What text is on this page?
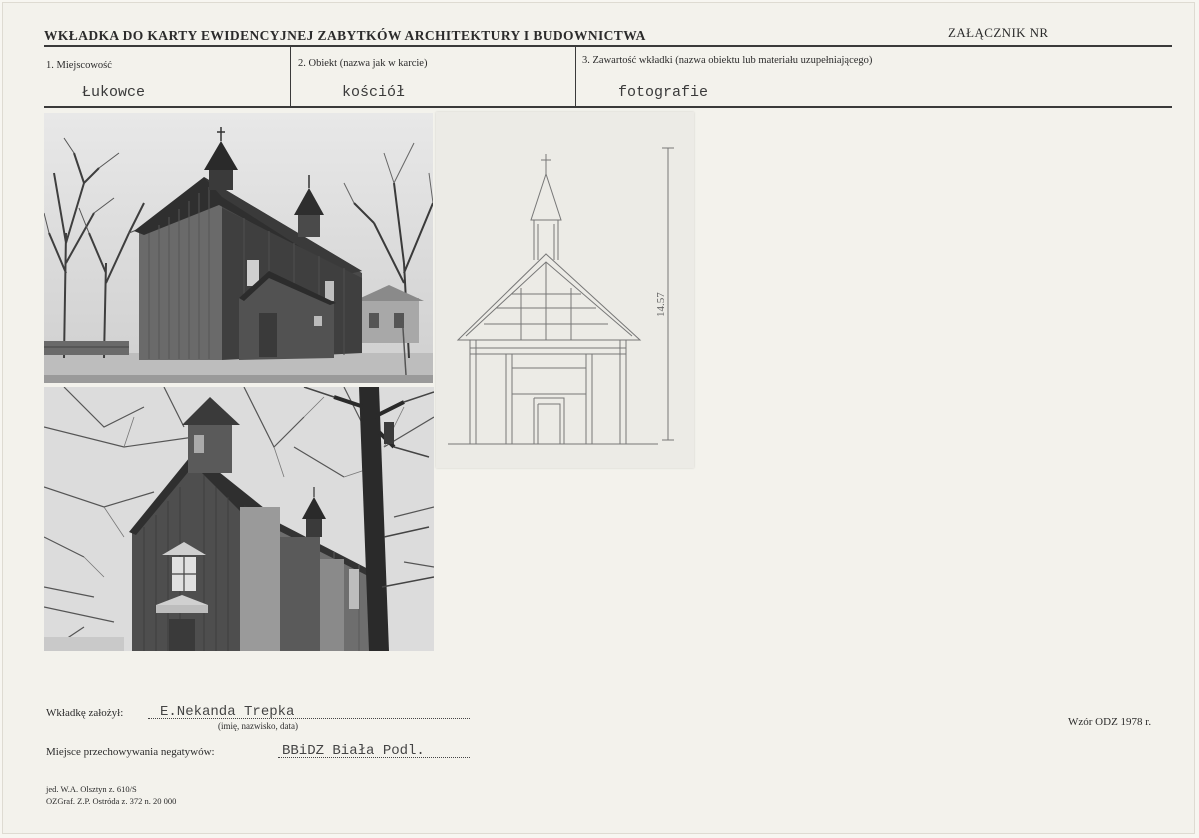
WKŁADKA DO KARTY EWIDENCYJNEJ ZABYTKÓW ARCHITEKTURY I BUDOWNICTWA	ZAŁĄCZNIK NR
1. Miejscowość
Łukowce
2. Obiekt (nazwa jak w karcie)
kościół
3. Zawartość wkładki (nazwa obiektu lub materiału uzupełniającego)
fotografie
14.57
Wkładkę założył:	E.Nekanda Trepka
(imię, nazwisko, data)
Miejsce przechowywania negatywów:	BBiDZ Biała Podl.
Wzór ODZ 1978 r.
jed. W.A. Olsztyn z. 610/S
OZGraf. Z.P. Ostróda z. 372 n. 20 000
